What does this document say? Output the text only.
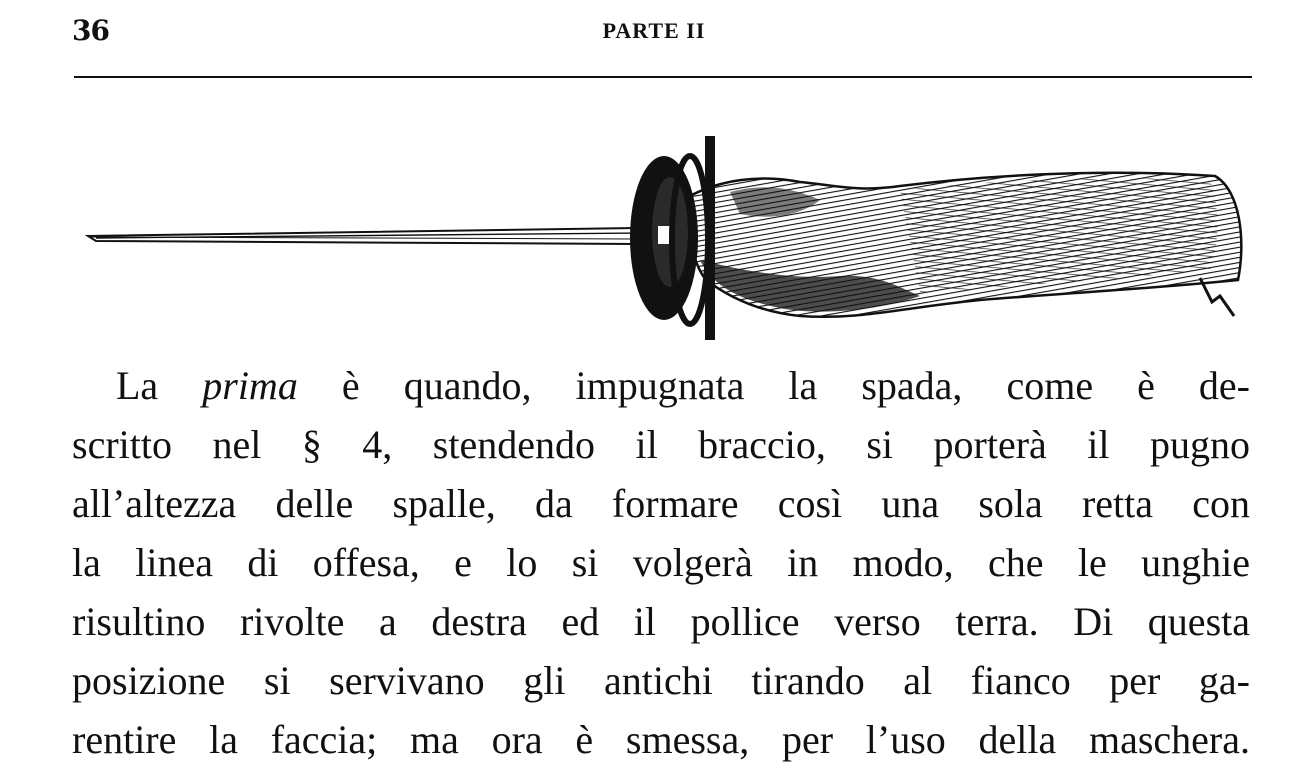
36	PARTE II
La prima è quando, impugnata la spada, come è de-
scritto nel § 4, stendendo il braccio, si porterà il pugno
all’altezza delle spalle, da formare così una sola retta con
la linea di offesa, e lo si volgerà in modo, che le unghie
risultino rivolte a destra ed il pollice verso terra. Di questa
posizione si servivano gli antichi tirando al fianco per ga-
rentire la faccia; ma ora è smessa, per l’uso della maschera.
